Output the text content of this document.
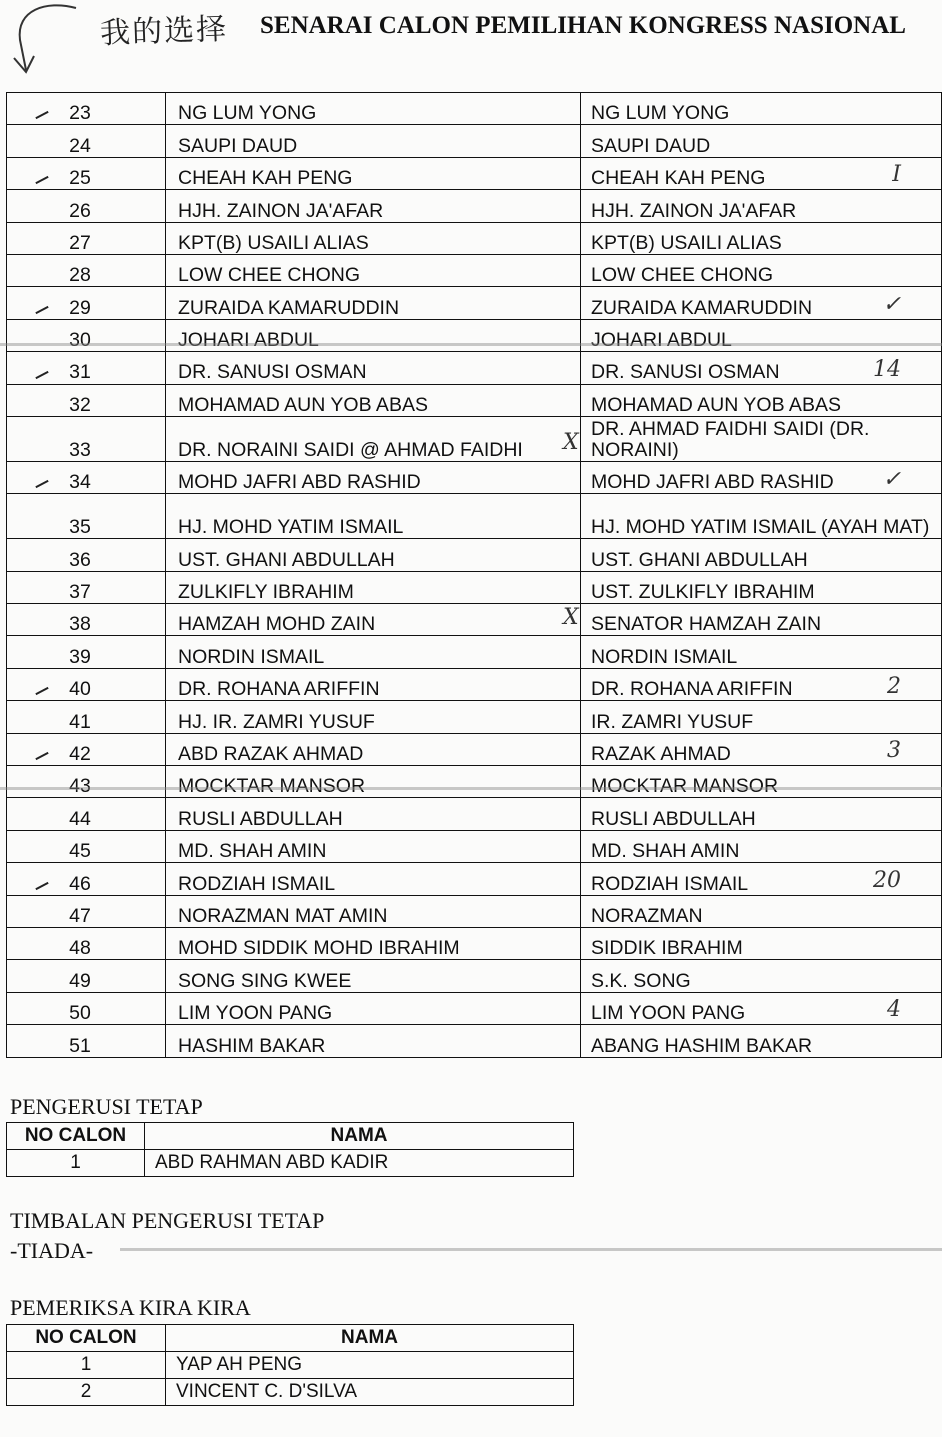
我的选择 SENARAI CALON PEMILIHAN KONGRESS NASIONAL
23	NG LUM YONG	NG LUM YONG
24	SAUPI DAUD	SAUPI DAUD

25	CHEAH KAH PENG	CHEAH KAH PENG I

26	HJH. ZAINON JA'AFAR	HJH. ZAINON JA'AFAR
27	KPT(B) USAILI ALIAS	KPT(B) USAILI ALIAS
28	LOW CHEE CHONG	LOW CHEE CHONG

29	ZURAIDA KAMARUDDIN	ZURAIDA KAMARUDDIN ✓

30	JOHARI ABDUL	JOHARI ABDUL

31	DR. SANUSI OSMAN	DR. SANUSI OSMAN 14

32	MOHAMAD AUN YOB ABAS	MOHAMAD AUN YOB ABAS
33	DR. NORAINI SAIDI @ AHMAD FAIDHI	DR. AHMAD FAIDHI SAIDI (DR. NORAINI)
X

34	MOHD JAFRI ABD RASHID	MOHD JAFRI ABD RASHID ✓

35	HJ. MOHD YATIM ISMAIL	HJ. MOHD YATIM ISMAIL (AYAH MAT)
36	UST. GHANI ABDULLAH	UST. GHANI ABDULLAH
37	ZULKIFLY IBRAHIM	UST. ZULKIFLY IBRAHIM
38	HAMZAH MOHD ZAIN	SENATOR HAMZAH ZAIN
X

39	NORDIN ISMAIL	NORDIN ISMAIL

40	DR. ROHANA ARIFFIN	DR. ROHANA ARIFFIN 2

41	HJ. IR. ZAMRI YUSUF	IR. ZAMRI YUSUF

42	ABD RAZAK AHMAD	RAZAK AHMAD 3

43	MOCKTAR MANSOR	MOCKTAR MANSOR
44	RUSLI ABDULLAH	RUSLI ABDULLAH
45	MD. SHAH AMIN	MD. SHAH AMIN

46	RODZIAH ISMAIL	RODZIAH ISMAIL 20

47	NORAZMAN MAT AMIN	NORAZMAN
48	MOHD SIDDIK MOHD IBRAHIM	SIDDIK IBRAHIM
49	SONG SING KWEE	S.K. SONG
50	LIM YOON PANG	LIM YOON PANG 4

51	HASHIM BAKAR	ABANG HASHIM BAKAR
PENGERUSI TETAP
NO CALON	NAMA
1	ABD RAHMAN ABD KADIR
TIMBALAN PENGERUSI TETAP
-TIADA-
PEMERIKSA KIRA KIRA
NO CALON	NAMA
1	YAP AH PENG
2	VINCENT C. D'SILVA
